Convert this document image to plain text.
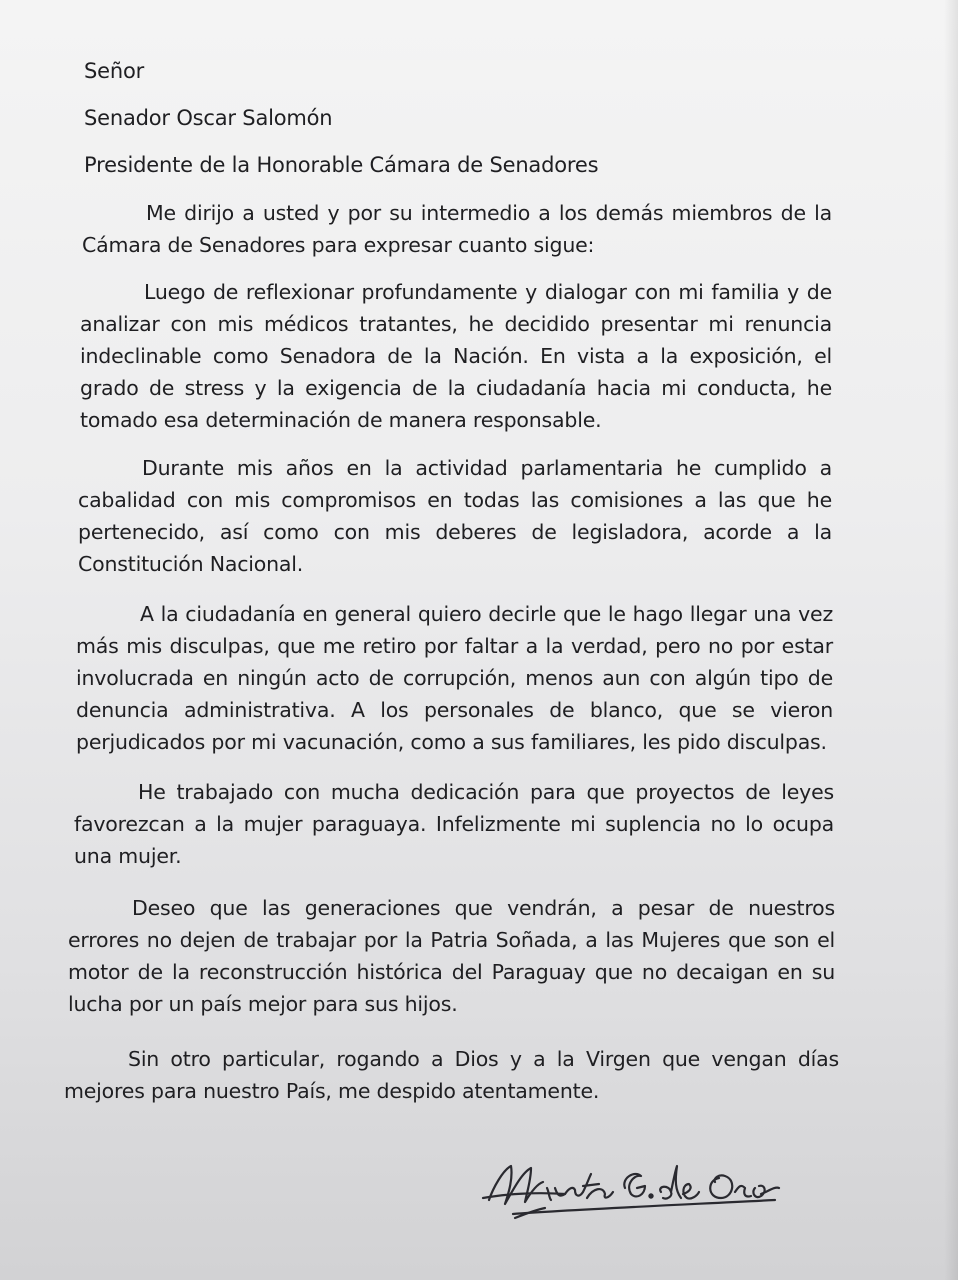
Señor

Senador Oscar Salomón

Presidente de la Honorable Cámara de Senadores

Me dirijo a usted y por su intermedio a los demás miembros de la Cámara de Senadores para expresar cuanto sigue:

Luego de reflexionar profundamente y dialogar con mi familia y de analizar con mis médicos tratantes, he decidido presentar mi renuncia indeclinable como Senadora de la Nación. En vista a la exposición, el grado de stress y la exigencia de la ciudadanía hacia mi conducta, he tomado esa determinación de manera responsable.

Durante mis años en la actividad parlamentaria he cumplido a cabalidad con mis compromisos en todas las comisiones a las que he pertenecido, así como con mis deberes de legisladora, acorde a la Constitución Nacional.

A la ciudadanía en general quiero decirle que le hago llegar una vez más mis disculpas, que me retiro por faltar a la verdad, pero no por estar involucrada en ningún acto de corrupción, menos aun con algún tipo de denuncia administrativa. A los personales de blanco, que se vieron perjudicados por mi vacunación, como a sus familiares, les pido disculpas.

He trabajado con mucha dedicación para que proyectos de leyes favorezcan a la mujer paraguaya. Infelizmente mi suplencia no lo ocupa una mujer.

Deseo que las generaciones que vendrán, a pesar de nuestros errores no dejen de trabajar por la Patria Soñada, a las Mujeres que son el motor de la reconstrucción histórica del Paraguay que no decaigan en su lucha por un país mejor para sus hijos.

Sin otro particular, rogando a Dios y a la Virgen que vengan días mejores para nuestro País, me despido atentamente.
